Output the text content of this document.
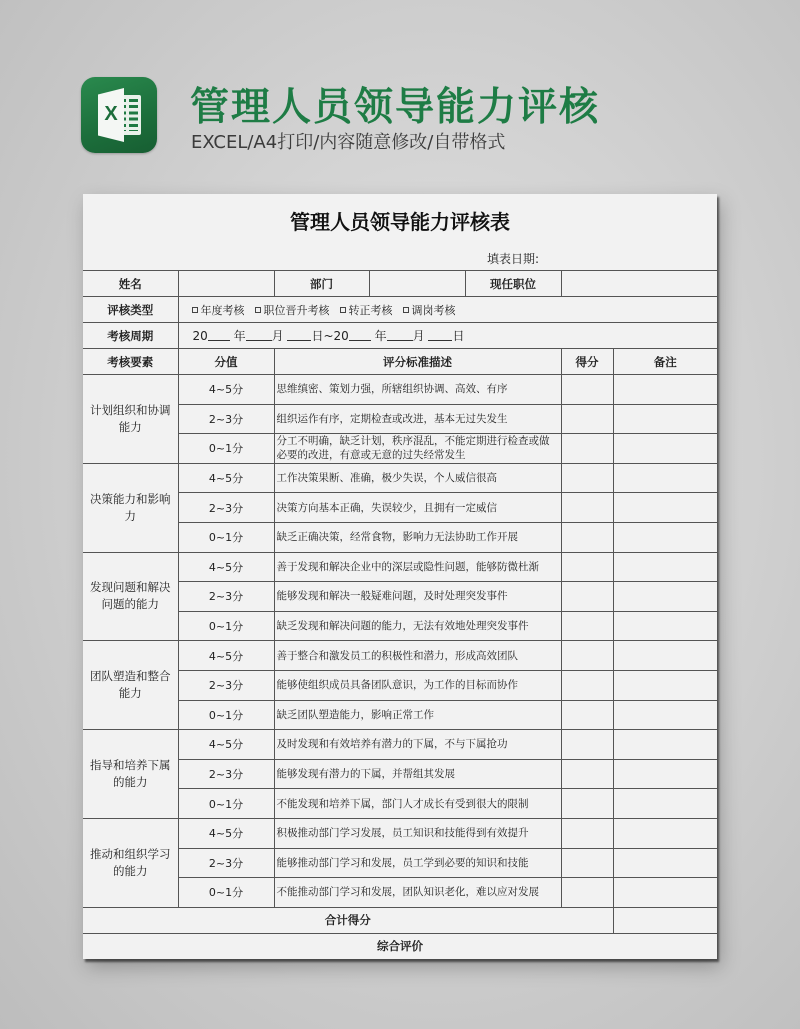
X 管理人员领导能力评核
EXCEL/A4打印/内容随意修改/自带格式
管理人员领导能力评核表
填表日期:
姓名		部门		现任职位		
评核类型	年度考核 职位晋升考核 转正考核 调岗考核					
考核周期	20 年 月 日~20 年 月 日					
考核要素	分值	评分标准描述			得分	备注
计划组织和协调能力	4~5分	思维缜密、策划力强，所辖组织协调、高效、有序				
	2~3分	组织运作有序，定期检查或改进，基本无过失发生				
	0~1分	分工不明确，缺乏计划，秩序混乱，不能定期进行检查或做必要的改进，有意或无意的过失经常发生				
决策能力和影响力	4~5分	工作决策果断、准确，极少失误，个人威信很高				
	2~3分	决策方向基本正确，失误较少，且拥有一定威信				
	0~1分	缺乏正确决策，经常食物，影响力无法协助工作开展				
发现问题和解决问题的能力	4~5分	善于发现和解决企业中的深层或隐性问题，能够防微杜渐				
	2~3分	能够发现和解决一般疑难问题，及时处理突发事件				
	0~1分	缺乏发现和解决问题的能力，无法有效地处理突发事件				
团队塑造和整合能力	4~5分	善于整合和激发员工的积极性和潜力，形成高效团队				
	2~3分	能够使组织成员具备团队意识，为工作的目标而协作				
	0~1分	缺乏团队塑造能力，影响正常工作				
指导和培养下属的能力	4~5分	及时发现和有效培养有潜力的下属，不与下属抢功				
	2~3分	能够发现有潜力的下属，并帮组其发展				
	0~1分	不能发现和培养下属，部门人才成长有受到很大的限制				
推动和组织学习的能力	4~5分	积极推动部门学习发展，员工知识和技能得到有效提升				
	2~3分	能够推动部门学习和发展，员工学到必要的知识和技能				
	0~1分	不能推动部门学习和发展，团队知识老化，难以应对发展				
合计得分						
综合评价						
